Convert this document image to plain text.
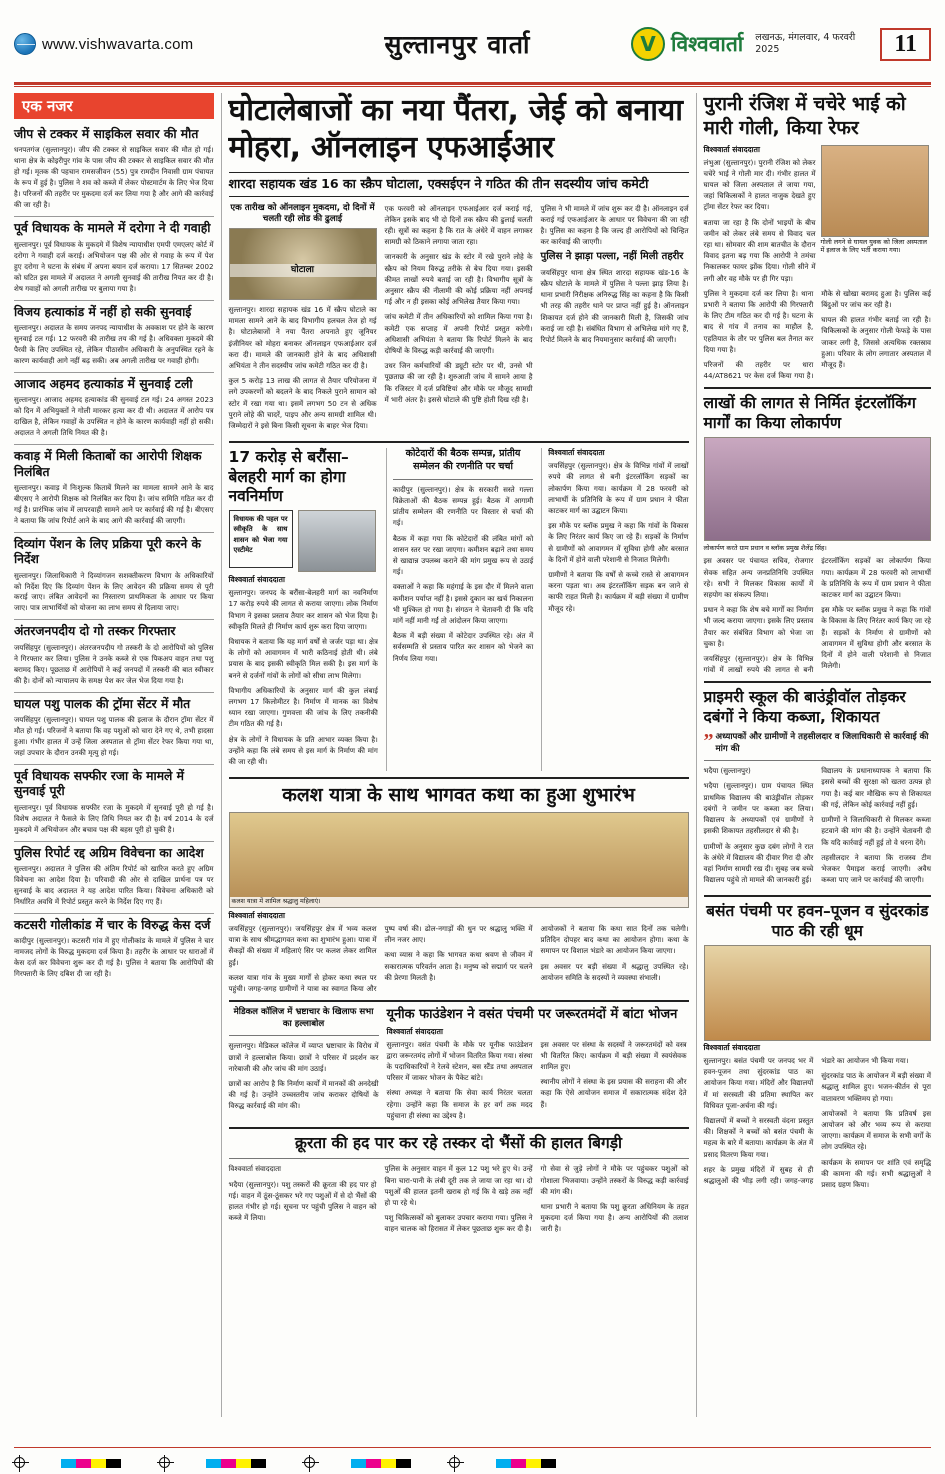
www.vishwavarta.com	सुल्तानपुर वार्ता	V विश्ववार्ता लखनऊ, मंगलवार, 4 फरवरी 2025	11
एक नजर
जीप से टक्कर में साइकिल सवार की मौत

धनपतगंज (सुल्तानपुर)। जीप की टक्कर से साइकिल सवार की मौत हो गई। थाना क्षेत्र के कोइरीपुर गांव के पास जीप की टक्कर से साइकिल सवार की मौत हो गई। मृतक की पहचान रामसजीवन (55) पुत्र रामदीन निवासी ग्राम पंचायत के रूप में हुई है। पुलिस ने शव को कब्जे में लेकर पोस्टमार्टम के लिए भेज दिया है। परिजनों की तहरीर पर मुकदमा दर्ज कर लिया गया है और आगे की कार्रवाई की जा रही है।

पूर्व विधायक के मामले में दरोगा ने दी गवाही

सुल्तानपुर। पूर्व विधायक के मुकदमे में विशेष न्यायाधीश एमपी एमएलए कोर्ट में दरोगा ने गवाही दर्ज कराई। अभियोजन पक्ष की ओर से गवाह के रूप में पेश हुए दरोगा ने घटना के संबंध में अपना बयान दर्ज कराया। 17 सितम्बर 2002 को घटित इस मामले में अदालत ने अगली सुनवाई की तारीख नियत कर दी है। शेष गवाहों को अगली तारीख पर बुलाया गया है।

विजय हत्याकांड में नहीं हो सकी सुनवाई

सुल्तानपुर। अदालत के समय जनपद न्यायाधीश के अवकाश पर होने के कारण सुनवाई टल गई। 12 फरवरी की तारीख तय की गई है। अधिवक्ता मुकदमे की पैरवी के लिए उपस्थित रहे, लेकिन पीठासीन अधिकारी के अनुपस्थित रहने के कारण कार्यवाही आगे नहीं बढ़ सकी। अब अगली तारीख पर गवाही होगी।

आजाद अहमद हत्याकांड में सुनवाई टली

सुल्तानपुर। आजाद अहमद हत्याकांड की सुनवाई टल गई। 24 अगस्त 2023 को दिन में अभियुक्तों ने गोली मारकर हत्या कर दी थी। अदालत में आरोप पत्र दाखिल है, लेकिन गवाहों के उपस्थित न होने के कारण कार्यवाही नहीं हो सकी। अदालत ने अगली तिथि नियत की है।

कवाड़ में मिली किताबों का आरोपी शिक्षक निलंबित

सुल्तानपुर। कवाड़ में निःशुल्क किताबें मिलने का मामला सामने आने के बाद बीएसए ने आरोपी शिक्षक को निलंबित कर दिया है। जांच समिति गठित कर दी गई है। प्रारंभिक जांच में लापरवाही सामने आने पर कार्रवाई की गई है। बीएसए ने बताया कि जांच रिपोर्ट आने के बाद आगे की कार्रवाई की जाएगी।

दिव्यांग पेंशन के लिए प्रक्रिया पूरी करने के निर्देश

सुल्तानपुर। जिलाधिकारी ने दिव्यांगजन सशक्तीकरण विभाग के अधिकारियों को निर्देश दिए कि दिव्यांग पेंशन के लिए आवेदन की प्रक्रिया समय से पूरी कराई जाए। लंबित आवेदनों का निस्तारण प्राथमिकता के आधार पर किया जाए। पात्र लाभार्थियों को योजना का लाभ समय से दिलाया जाए।

अंतरजनपदीय दो गो तस्कर गिरफ्तार

जयसिंहपुर (सुल्तानपुर)। अंतरजनपदीय गो तस्करी के दो आरोपियों को पुलिस ने गिरफ्तार कर लिया। पुलिस ने उनके कब्जे से एक पिकअप वाहन तथा पशु बरामद किए। पूछताछ में आरोपियों ने कई जनपदों में तस्करी की बात स्वीकार की है। दोनों को न्यायालय के समक्ष पेश कर जेल भेज दिया गया है।

घायल पशु पालक की ट्रॉमा सेंटर में मौत

जयसिंहपुर (सुल्तानपुर)। घायल पशु पालक की इलाज के दौरान ट्रॉमा सेंटर में मौत हो गई। परिजनों ने बताया कि वह पशुओं को चारा देने गए थे, तभी हादसा हुआ। गंभीर हालत में उन्हें जिला अस्पताल से ट्रॉमा सेंटर रेफर किया गया था, जहां उपचार के दौरान उनकी मृत्यु हो गई।

पूर्व विधायक सफ्फीर रजा के मामले में सुनवाई पूरी

सुल्तानपुर। पूर्व विधायक सफ्फीर रजा के मुकदमे में सुनवाई पूरी हो गई है। विशेष अदालत ने फैसले के लिए तिथि नियत कर दी है। वर्ष 2014 के दर्ज मुकदमे में अभियोजन और बचाव पक्ष की बहस पूरी हो चुकी है।

पुलिस रिपोर्ट रद्द अग्रिम विवेचना का आदेश

सुल्तानपुर। अदालत ने पुलिस की अंतिम रिपोर्ट को खारिज करते हुए अग्रिम विवेचना का आदेश दिया है। परिवादी की ओर से दाखिल प्रार्थना पत्र पर सुनवाई के बाद अदालत ने यह आदेश पारित किया। विवेचना अधिकारी को निर्धारित अवधि में रिपोर्ट प्रस्तुत करने के निर्देश दिए गए हैं।

कटसरी गोलीकांड में चार के विरुद्ध केस दर्ज

कादीपुर (सुल्तानपुर)। कटसरी गांव में हुए गोलीकांड के मामले में पुलिस ने चार नामजद लोगों के विरुद्ध मुकदमा दर्ज किया है। तहरीर के आधार पर धाराओं में केस दर्ज कर विवेचना शुरू कर दी गई है। पुलिस ने बताया कि आरोपियों की गिरफ्तारी के लिए दबिश दी जा रही है।

घोटालेबाजों का नया पैंतरा, जेई को बनाया मोहरा, ऑनलाइन एफआईआर
शारदा सहायक खंड 16 का स्क्रैप घोटाला, एक्सईएन ने गठित की तीन सदस्यीय जांच कमेटी
एक तारीख को ऑनलाइन मुकदमा, दो दिनों में चलती रही लोड की ढुलाई
घोटाला

सुल्तानपुर। शारदा सहायक खंड 16 में स्क्रैप घोटाले का मामला सामने आने के बाद विभागीय हलचल तेज हो गई है। घोटालेबाजों ने नया पैंतरा अपनाते हुए जूनियर इंजीनियर को मोहरा बनाकर ऑनलाइन एफआईआर दर्ज करा दी। मामले की जानकारी होने के बाद अधिशासी अभियंता ने तीन सदस्यीय जांच कमेटी गठित कर दी है।

कुल 5 करोड़ 13 लाख की लागत से तैयार परियोजना में लगे उपकरणों को बदलने के बाद निकले पुराने सामान को स्टोर में रखा गया था। इसमें लगभग 50 टन से अधिक पुराने लोहे की चादरें, पाइप और अन्य सामग्री शामिल थी। जिम्मेदारों ने इसे बिना किसी सूचना के बाहर भेज दिया।

एक फरवरी को ऑनलाइन एफआईआर दर्ज कराई गई, लेकिन इसके बाद भी दो दिनों तक स्क्रैप की ढुलाई चलती रही। सूत्रों का कहना है कि रात के अंधेरे में वाहन लगाकर सामग्री को ठिकाने लगाया जाता रहा।

जानकारी के अनुसार खंड के स्टोर में रखे पुराने लोहे के स्क्रैप को नियम विरुद्ध तरीके से बेच दिया गया। इसकी कीमत लाखों रुपये बताई जा रही है। विभागीय सूत्रों के अनुसार स्क्रैप की नीलामी की कोई प्रक्रिया नहीं अपनाई गई और न ही इसका कोई अभिलेख तैयार किया गया।

जांच कमेटी में तीन अधिकारियों को शामिल किया गया है। कमेटी एक सप्ताह में अपनी रिपोर्ट प्रस्तुत करेगी। अधिशासी अभियंता ने बताया कि रिपोर्ट मिलने के बाद दोषियों के विरुद्ध कड़ी कार्रवाई की जाएगी।

उधर जिन कर्मचारियों की ड्यूटी स्टोर पर थी, उनसे भी पूछताछ की जा रही है। शुरुआती जांच में सामने आया है कि रजिस्टर में दर्ज प्रविष्टियां और मौके पर मौजूद सामग्री में भारी अंतर है। इससे घोटाले की पुष्टि होती दिख रही है।

पुलिस ने भी मामले में जांच शुरू कर दी है। ऑनलाइन दर्ज कराई गई एफआईआर के आधार पर विवेचना की जा रही है। पुलिस का कहना है कि जल्द ही आरोपियों को चिन्हित कर कार्रवाई की जाएगी।

पुलिस ने झाड़ा पल्ला, नहीं मिली तहरीर

जयसिंहपुर थाना क्षेत्र स्थित शारदा सहायक खंड-16 के स्क्रैप घोटाले के मामले में पुलिस ने पल्ला झाड़ लिया है। थाना प्रभारी निरीक्षक अनिरुद्ध सिंह का कहना है कि किसी भी तरह की तहरीर थाने पर प्राप्त नहीं हुई है। ऑनलाइन शिकायत दर्ज होने की जानकारी मिली है, जिसकी जांच कराई जा रही है। संबंधित विभाग से अभिलेख मांगे गए हैं, रिपोर्ट मिलने के बाद नियमानुसार कार्रवाई की जाएगी।

17 करोड़ से बरौंसा–बेलहरी मार्ग का होगा नवनिर्माण
विधायक की पहल पर स्वीकृति के साथ शासन को भेजा गया एस्टीमेट
विश्ववार्ता संवाददाता

सुल्तानपुर। जनपद के बरौंसा-बेलहरी मार्ग का नवनिर्माण 17 करोड़ रुपये की लागत से कराया जाएगा। लोक निर्माण विभाग ने इसका प्रस्ताव तैयार कर शासन को भेज दिया है। स्वीकृति मिलते ही निर्माण कार्य शुरू करा दिया जाएगा।

विधायक ने बताया कि यह मार्ग वर्षों से जर्जर पड़ा था। क्षेत्र के लोगों को आवागमन में भारी कठिनाई होती थी। लंबे प्रयास के बाद इसकी स्वीकृति मिल सकी है। इस मार्ग के बनने से दर्जनों गांवों के लोगों को सीधा लाभ मिलेगा।

विभागीय अधिकारियों के अनुसार मार्ग की कुल लंबाई लगभग 17 किलोमीटर है। निर्माण में मानक का विशेष ध्यान रखा जाएगा। गुणवत्ता की जांच के लिए तकनीकी टीम गठित की गई है।

क्षेत्र के लोगों ने विधायक के प्रति आभार व्यक्त किया है। उन्होंने कहा कि लंबे समय से इस मार्ग के निर्माण की मांग की जा रही थी।

कोटेदारों की बैठक सम्पन्न, प्रांतीय सम्मेलन की रणनीति पर चर्चा

कादीपुर (सुल्तानपुर)। क्षेत्र के सरकारी सस्ते गल्ला विक्रेताओं की बैठक सम्पन्न हुई। बैठक में आगामी प्रांतीय सम्मेलन की रणनीति पर विस्तार से चर्चा की गई।

बैठक में कहा गया कि कोटेदारों की लंबित मांगों को शासन स्तर पर रखा जाएगा। कमीशन बढ़ाने तथा समय से खाद्यान्न उपलब्ध कराने की मांग प्रमुख रूप से उठाई गई।

वक्ताओं ने कहा कि महंगाई के इस दौर में मिलने वाला कमीशन पर्याप्त नहीं है। इससे दुकान का खर्च निकालना भी मुश्किल हो गया है। संगठन ने चेतावनी दी कि यदि मांगें नहीं मानी गईं तो आंदोलन किया जाएगा।

बैठक में बड़ी संख्या में कोटेदार उपस्थित रहे। अंत में सर्वसम्मति से प्रस्ताव पारित कर शासन को भेजने का निर्णय लिया गया।

विश्ववार्ता संवाददाता

जयसिंहपुर (सुल्तानपुर)। क्षेत्र के विभिन्न गांवों में लाखों रुपये की लागत से बनी इंटरलॉकिंग सड़कों का लोकार्पण किया गया। कार्यक्रम में 28 फरवरी को लाभार्थी के प्रतिनिधि के रूप में ग्राम प्रधान ने फीता काटकर मार्ग का उद्घाटन किया।

इस मौके पर ब्लॉक प्रमुख ने कहा कि गांवों के विकास के लिए निरंतर कार्य किए जा रहे हैं। सड़कों के निर्माण से ग्रामीणों को आवागमन में सुविधा होगी और बरसात के दिनों में होने वाली परेशानी से निजात मिलेगी।

ग्रामीणों ने बताया कि वर्षों से कच्चे रास्ते से आवागमन करना पड़ता था। अब इंटरलॉकिंग सड़क बन जाने से काफी राहत मिली है। कार्यक्रम में बड़ी संख्या में ग्रामीण मौजूद रहे।

कलश यात्रा के साथ भागवत कथा का हुआ शुभारंभ
कलश यात्रा में शामिल श्रद्धालु महिलाएं।
विश्ववार्ता संवाददाता

जयसिंहपुर (सुल्तानपुर)। जयसिंहपुर क्षेत्र में भव्य कलश यात्रा के साथ श्रीमद्भागवत कथा का शुभारंभ हुआ। यात्रा में सैकड़ों की संख्या में महिलाएं सिर पर कलश लेकर शामिल हुईं।

कलश यात्रा गांव के मुख्य मार्गों से होकर कथा स्थल पर पहुंची। जगह-जगह ग्रामीणों ने यात्रा का स्वागत किया और पुष्प वर्षा की। ढोल-नगाड़ों की धुन पर श्रद्धालु भक्ति में लीन नजर आए।

कथा व्यास ने कहा कि भागवत कथा श्रवण से जीवन में सकारात्मक परिवर्तन आता है। मनुष्य को सद्मार्ग पर चलने की प्रेरणा मिलती है।

आयोजकों ने बताया कि कथा सात दिनों तक चलेगी। प्रतिदिन दोपहर बाद कथा का आयोजन होगा। कथा के समापन पर विशाल भंडारे का आयोजन किया जाएगा।

इस अवसर पर बड़ी संख्या में श्रद्धालु उपस्थित रहे। आयोजन समिति के सदस्यों ने व्यवस्था संभाली।

मेडिकल कॉलिज में भ्रष्टाचार के खिलाफ सभा का हल्लाबोल

सुल्तानपुर। मेडिकल कॉलेज में व्याप्त भ्रष्टाचार के विरोध में छात्रों ने हल्लाबोल किया। छात्रों ने परिसर में प्रदर्शन कर नारेबाजी की और जांच की मांग उठाई।

छात्रों का आरोप है कि निर्माण कार्यों में मानकों की अनदेखी की गई है। उन्होंने उच्चस्तरीय जांच कराकर दोषियों के विरुद्ध कार्रवाई की मांग की।

यूनीक फाउंडेशन ने वसंत पंचमी पर जरूरतमंदों में बांटा भोजन
विश्ववार्ता संवाददाता

सुल्तानपुर। वसंत पंचमी के मौके पर यूनीक फाउंडेशन द्वारा जरूरतमंद लोगों में भोजन वितरित किया गया। संस्था के पदाधिकारियों ने रेलवे स्टेशन, बस स्टैंड तथा अस्पताल परिसर में जाकर भोजन के पैकेट बांटे।

संस्था अध्यक्ष ने बताया कि सेवा कार्य निरंतर चलता रहेगा। उन्होंने कहा कि समाज के हर वर्ग तक मदद पहुंचाना ही संस्था का उद्देश्य है।

इस अवसर पर संस्था के सदस्यों ने जरूरतमंदों को वस्त्र भी वितरित किए। कार्यक्रम में बड़ी संख्या में स्वयंसेवक शामिल हुए।

स्थानीय लोगों ने संस्था के इस प्रयास की सराहना की और कहा कि ऐसे आयोजन समाज में सकारात्मक संदेश देते हैं।

क्रूरता की हद पार कर रहे तस्कर दो भैंसों की हालत बिगड़ी

विश्ववार्ता संवाददाता

भदैया (सुल्तानपुर)। पशु तस्करों की क्रूरता की हद पार हो गई। वाहन में ठूंस-ठूंसकर भरे गए पशुओं में से दो भैंसों की हालत गंभीर हो गई। सूचना पर पहुंची पुलिस ने वाहन को कब्जे में लिया।

पुलिस के अनुसार वाहन में कुल 12 पशु भरे हुए थे। उन्हें बिना चारा-पानी के लंबी दूरी तक ले जाया जा रहा था। दो पशुओं की हालत इतनी खराब हो गई कि वे खड़े तक नहीं हो पा रहे थे।

पशु चिकित्सकों को बुलाकर उपचार कराया गया। पुलिस ने वाहन चालक को हिरासत में लेकर पूछताछ शुरू कर दी है।

गो सेवा से जुड़े लोगों ने मौके पर पहुंचकर पशुओं को गोशाला भिजवाया। उन्होंने तस्करों के विरुद्ध कड़ी कार्रवाई की मांग की।

थाना प्रभारी ने बताया कि पशु क्रूरता अधिनियम के तहत मुकदमा दर्ज किया गया है। अन्य आरोपियों की तलाश जारी है।

पुरानी रंजिश में चचेरे भाई को मारी गोली, किया रेफर
विश्ववार्ता संवाददाता

लंभुआ (सुल्तानपुर)। पुरानी रंजिश को लेकर चचेरे भाई ने गोली मार दी। गंभीर हालत में घायल को जिला अस्पताल ले जाया गया, जहां चिकित्सकों ने हालत नाजुक देखते हुए ट्रॉमा सेंटर रेफर कर दिया।

बताया जा रहा है कि दोनों भाइयों के बीच जमीन को लेकर लंबे समय से विवाद चल रहा था। सोमवार की शाम बातचीत के दौरान विवाद इतना बढ़ गया कि आरोपी ने तमंचा निकालकर फायर झोंक दिया। गोली सीने में लगी और वह मौके पर ही गिर पड़ा।

गोली लगने से घायल युवक को जिला अस्पताल में इलाज के लिए भर्ती कराया गया।

पुलिस ने मुकदमा दर्ज कर लिया है। थाना प्रभारी ने बताया कि आरोपी की गिरफ्तारी के लिए टीम गठित कर दी गई है। घटना के बाद से गांव में तनाव का माहौल है, एहतियात के तौर पर पुलिस बल तैनात कर दिया गया है।

परिजनों की तहरीर पर धारा 44/AT8621 पर केस दर्ज किया गया है। मौके से खोखा बरामद हुआ है। पुलिस कई बिंदुओं पर जांच कर रही है।

घायल की हालत गंभीर बताई जा रही है। चिकित्सकों के अनुसार गोली फेफड़े के पास जाकर लगी है, जिससे अत्यधिक रक्तस्राव हुआ। परिवार के लोग लगातार अस्पताल में मौजूद हैं।

लाखों की लागत से निर्मित इंटरलॉकिंग मार्गों का किया लोकार्पण
लोकार्पण करते ग्राम प्रधान व ब्लॉक प्रमुख शैलेंद्र सिंह।

इस अवसर पर पंचायत सचिव, रोजगार सेवक सहित अन्य जनप्रतिनिधि उपस्थित रहे। सभी ने मिलकर विकास कार्यों में सहयोग का संकल्प लिया।

प्रधान ने कहा कि शेष बचे मार्गों का निर्माण भी जल्द कराया जाएगा। इसके लिए प्रस्ताव तैयार कर संबंधित विभाग को भेजा जा चुका है।

जयसिंहपुर (सुल्तानपुर)। क्षेत्र के विभिन्न गांवों में लाखों रुपये की लागत से बनी इंटरलॉकिंग सड़कों का लोकार्पण किया गया। कार्यक्रम में 28 फरवरी को लाभार्थी के प्रतिनिधि के रूप में ग्राम प्रधान ने फीता काटकर मार्ग का उद्घाटन किया।

इस मौके पर ब्लॉक प्रमुख ने कहा कि गांवों के विकास के लिए निरंतर कार्य किए जा रहे हैं। सड़कों के निर्माण से ग्रामीणों को आवागमन में सुविधा होगी और बरसात के दिनों में होने वाली परेशानी से निजात मिलेगी।

प्राइमरी स्कूल की बाउंड्रीवॉल तोड़कर दबंगों ने किया कब्जा, शिकायत
” अध्यापकों और ग्रामीणों ने तहसीलदार व जिलाधिकारी से कार्रवाई की मांग की

भदैया (सुल्तानपुर)

भदैया (सुल्तानपुर)। ग्राम पंचायत स्थित प्राथमिक विद्यालय की बाउंड्रीवॉल तोड़कर दबंगों ने जमीन पर कब्जा कर लिया। विद्यालय के अध्यापकों एवं ग्रामीणों ने इसकी शिकायत तहसीलदार से की है।

ग्रामीणों के अनुसार कुछ दबंग लोगों ने रात के अंधेरे में विद्यालय की दीवार गिरा दी और वहां निर्माण सामग्री रख दी। सुबह जब बच्चे विद्यालय पहुंचे तो मामले की जानकारी हुई।

विद्यालय के प्रधानाध्यापक ने बताया कि इससे बच्चों की सुरक्षा को खतरा उत्पन्न हो गया है। कई बार मौखिक रूप से शिकायत की गई, लेकिन कोई कार्रवाई नहीं हुई।

ग्रामीणों ने जिलाधिकारी से मिलकर कब्जा हटवाने की मांग की है। उन्होंने चेतावनी दी कि यदि कार्रवाई नहीं हुई तो वे धरना देंगे।

तहसीलदार ने बताया कि राजस्व टीम भेजकर पैमाइश कराई जाएगी। अवैध कब्जा पाए जाने पर कार्रवाई की जाएगी।

बसंत पंचमी पर हवन–पूजन व सुंदरकांड पाठ की रही धूम
विश्ववार्ता संवाददाता

सुल्तानपुर। बसंत पंचमी पर जनपद भर में हवन-पूजन तथा सुंदरकांड पाठ का आयोजन किया गया। मंदिरों और विद्यालयों में मां सरस्वती की प्रतिमा स्थापित कर विधिवत पूजा-अर्चना की गई।

विद्यालयों में बच्चों ने सरस्वती वंदना प्रस्तुत की। शिक्षकों ने बच्चों को बसंत पंचमी के महत्व के बारे में बताया। कार्यक्रम के अंत में प्रसाद वितरण किया गया।

शहर के प्रमुख मंदिरों में सुबह से ही श्रद्धालुओं की भीड़ लगी रही। जगह-जगह भंडारे का आयोजन भी किया गया।

सुंदरकांड पाठ के आयोजन में बड़ी संख्या में श्रद्धालु शामिल हुए। भजन-कीर्तन से पूरा वातावरण भक्तिमय हो गया।

आयोजकों ने बताया कि प्रतिवर्ष इस आयोजन को और भव्य रूप से कराया जाएगा। कार्यक्रम में समाज के सभी वर्गों के लोग उपस्थित रहे।

कार्यक्रम के समापन पर शांति एवं समृद्धि की कामना की गई। सभी श्रद्धालुओं ने प्रसाद ग्रहण किया।
